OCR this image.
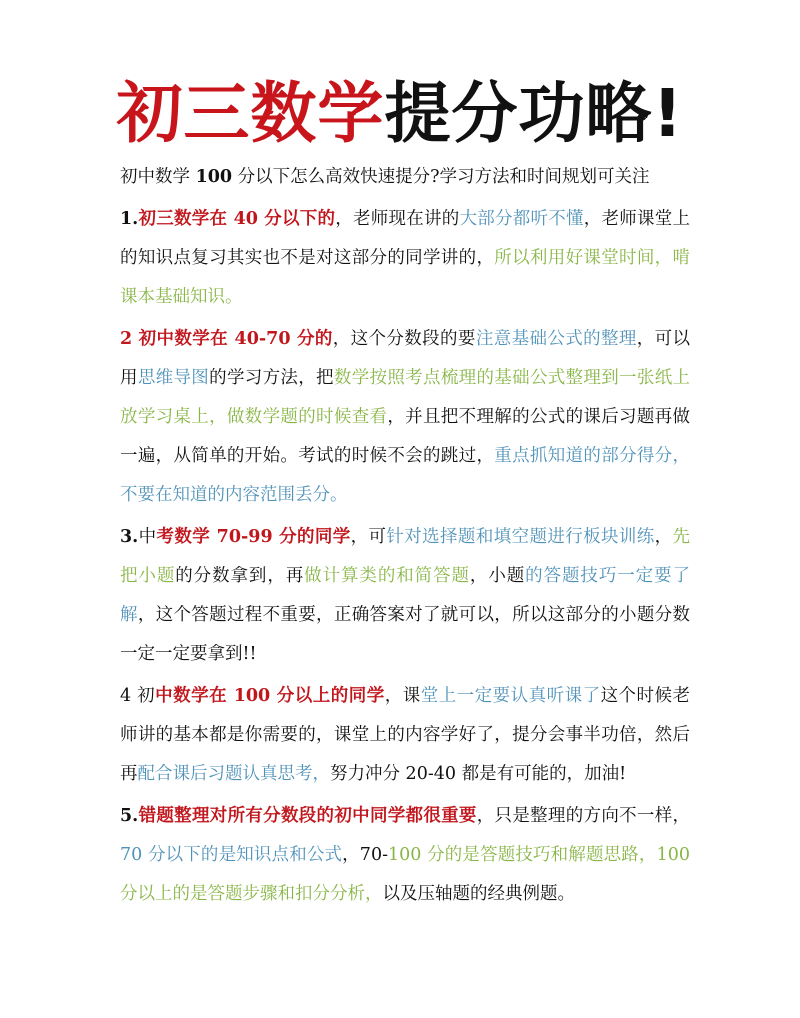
初三数学提分功略!

初中数学 100 分以下怎么高效快速提分?学习方法和时间规划可关注

1.初三数学在 40 分以下的，老师现在讲的大部分都听不懂，老师课堂上的知识点复习其实也不是对这部分的同学讲的，所以利用好课堂时间，啃课本基础知识。

2 初中数学在 40-70 分的，这个分数段的要注意基础公式的整理，可以用思维导图的学习方法，把数学按照考点梳理的基础公式整理到一张纸上放学习桌上，做数学题的时候查看，并且把不理解的公式的课后习题再做一遍，从简单的开始。考试的时候不会的跳过，重点抓知道的部分得分，不要在知道的内容范围丢分。

3.中考数学 70-99 分的同学，可针对选择题和填空题进行板块训练，先把小题的分数拿到，再做计算类的和简答题，小题的答题技巧一定要了解，这个答题过程不重要，正确答案对了就可以，所以这部分的小题分数一定一定要拿到!!

4 初中数学在 100 分以上的同学，课堂上一定要认真听课了这个时候老师讲的基本都是你需要的，课堂上的内容学好了，提分会事半功倍，然后再配合课后习题认真思考，努力冲分 20-40 都是有可能的，加油!

5.错题整理对所有分数段的初中同学都很重要，只是整理的方向不一样，70 分以下的是知识点和公式，70-100 分的是答题技巧和解题思路，100 分以上的是答题步骤和扣分分析，以及压轴题的经典例题。
